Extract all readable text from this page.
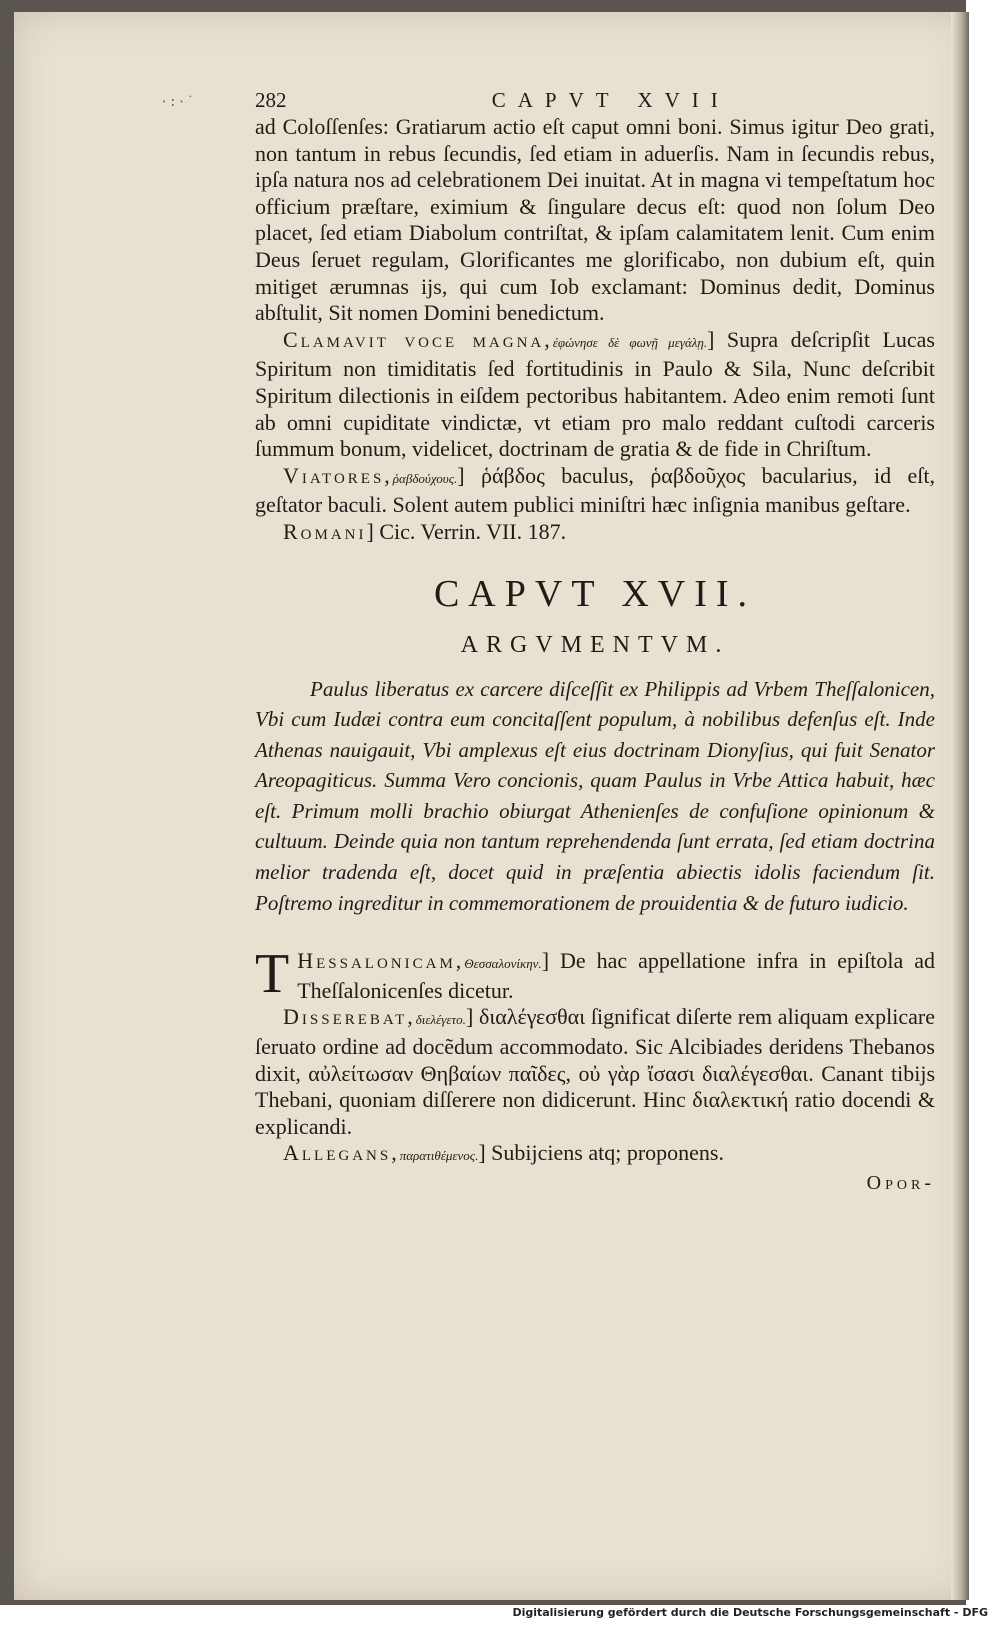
·:·˙	282	CAPVT XVII

ad Coloſſenſes: Gratiarum actio eſt caput omni boni. Simus igitur Deo grati, non tantum in rebus ſecundis, ſed etiam in aduerſis. Nam in ſecundis rebus, ipſa natura nos ad celebrationem Dei inuitat. At in magna vi tempeſtatum hoc officium præſtare, eximium & ſingulare decus eſt: quod non ſolum Deo placet, ſed etiam Diabolum contriſtat, & ipſam calamitatem lenit. Cum enim Deus ſeruet regulam, Glorificantes me glorificabo, non dubium eſt, quin mitiget ærumnas ijs, qui cum Iob exclamant: Dominus dedit, Dominus abſtulit, Sit nomen Domini benedictum.

Clamavit voce magna,ἐφώνησε δὲ φωνῇ μεγάλῃ.] Supra deſcripſit Lucas Spiritum non timiditatis ſed fortitudinis in Paulo & Sila, Nunc deſcribit Spiritum dilectionis in eiſdem pectoribus habitantem. Adeo enim remoti ſunt ab omni cupiditate vindictæ, vt etiam pro malo reddant cuſtodi carceris ſummum bonum, videlicet, doctrinam de gratia & de fide in Chriſtum.

Viatores,ῥαβδούχους.] ῥάβδος baculus, ῥαβδοῦχος bacularius, id eſt, geſtator baculi. Solent autem publici miniſtri hæc inſignia manibus geſtare.

Romani] Cic. Verrin. VII. 187.

CAPVT XVII.
ARGVMENTVM.

Paulus liberatus ex carcere diſceſſit ex Philippis ad Vrbem Theſſalonicen, Vbi cum Iudæi contra eum concitaſſent populum, à nobilibus defenſus eſt. Inde Athenas nauigauit, Vbi amplexus eſt eius doctrinam Dionyſius, qui fuit Senator Areopagiticus. Summa Vero concionis, quam Paulus in Vrbe Attica habuit, hæc eſt. Primum molli brachio obiurgat Athenienſes de confuſione opinionum & cultuum. Deinde quia non tantum reprehendenda ſunt errata, ſed etiam doctrina melior tradenda eſt, docet quid in præſentia abiectis idolis faciendum ſit. Poſtremo ingreditur in commemorationem de prouidentia & de futuro iudicio.

T Hessalonicam,Θεσσαλονίκην.] De hac appellatione infra in epiſtola ad Theſſalonicenſes dicetur.

Disserebat,διελέγετο.] διαλέγεσθαι ſignificat diſerte rem aliquam explicare ſeruato ordine ad docẽdum accommodato. Sic Alcibiades deridens Thebanos dixit, αὐλείτωσαν Θηβαίων παῖδες, οὐ γὰρ ἴσασι διαλέγεσθαι. Canant tibijs Thebani, quoniam diſſerere non didicerunt. Hinc διαλεκτική ratio docendi & explicandi.

Allegans,παρατιθέμενος.] Subijciens atq; proponens.

Opor-
Digitalisierung gefördert durch die Deutsche Forschungsgemeinschaft - DFG
